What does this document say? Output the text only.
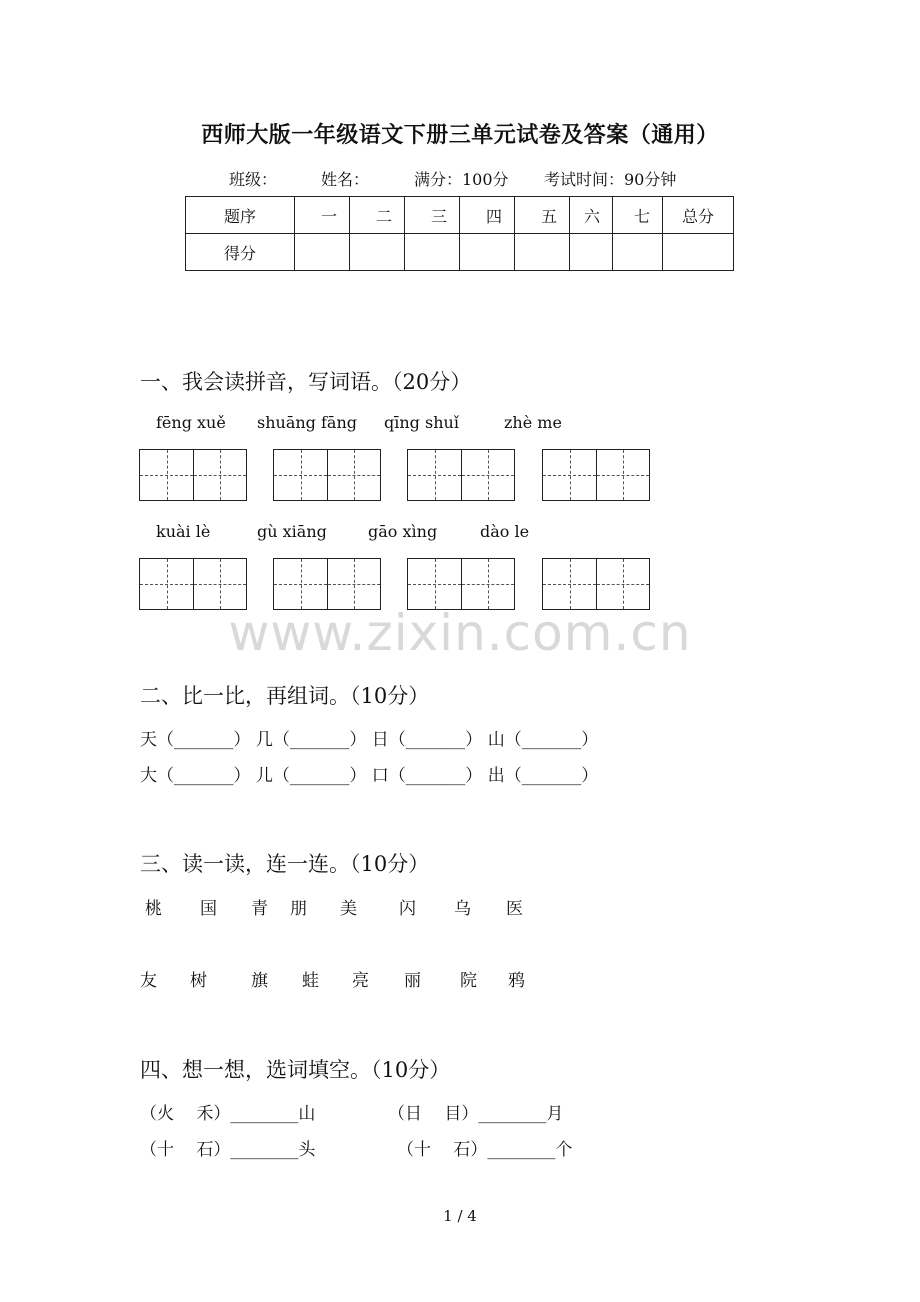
西师大版一年级语文下册三单元试卷及答案（通用）
班级：	姓名：	满分：100分 考试时间：90分钟
题序	一	二	三	四	五	六	七	总分
得分								
一、我会读拼音，写词语。（20分）
fēng xuě shuāng fāng qīng shuǐ	zhè me
kuài lè	gù xiāng	gāo xìng	dào le
www.zixin.com.cn
二、比一比，再组词。（10分）
天（_______） 几（_______） 日（_______） 山（_______）
大（_______） 儿（_______） 口（_______） 出（_______）
三、读一读，连一连。（10分）
桃 国 青 朋 美 闪 乌 医
友 树	旗 蛙 亮 丽 院 鸦
四、想一想，选词填空。（10分）
（火　 禾）________山	（日　 目）________月
（十　 石）________头	（十　 石）________个
1 / 4
